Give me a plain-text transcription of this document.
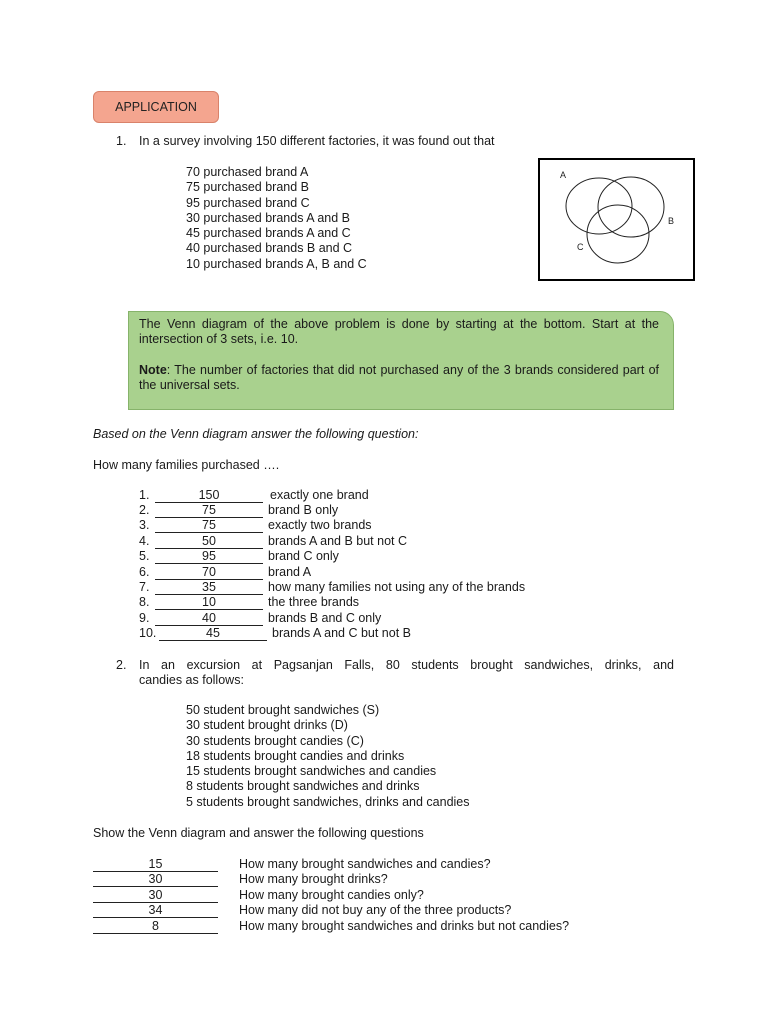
APPLICATION
1. In a survey involving 150 different factories, it was found out that
70 purchased brand A
75 purchased brand B
95 purchased brand C
30 purchased brands A and B
45 purchased brands A and C
40 purchased brands B and C
10 purchased brands A, B and C
A
B
C

The Venn diagram of the above problem is done by starting at the bottom. Start at the intersection of 3 sets, i.e. 10.

Note: The number of factories that did not purchased any of the 3 brands considered part of the universal sets.

Based on the Venn diagram answer the following question:
How many families purchased ….
1.	150	exactly one brand
2.	75	brand B only
3.	75	exactly two brands
4.	50	brands A and B but not C
5.	95	brand C only
6.	70	brand A
7.	35	how many families not using any of the brands
8.	10	the three brands
9.	40	brands B and C only
10.	45	brands A and C but not B
2. In an excursion at Pagsanjan Falls, 80 students brought sandwiches, drinks, and
candies as follows:
50 student brought sandwiches (S)
30 student brought drinks (D)
30 students brought candies (C)
18 students brought candies and drinks
15 students brought sandwiches and candies
8 students brought sandwiches and drinks
5 students brought sandwiches, drinks and candies
Show the Venn diagram and answer the following questions
15	How many brought sandwiches and candies?
30	How many brought drinks?
30	How many brought candies only?
34	How many did not buy any of the three products?
8	How many brought sandwiches and drinks but not candies?
